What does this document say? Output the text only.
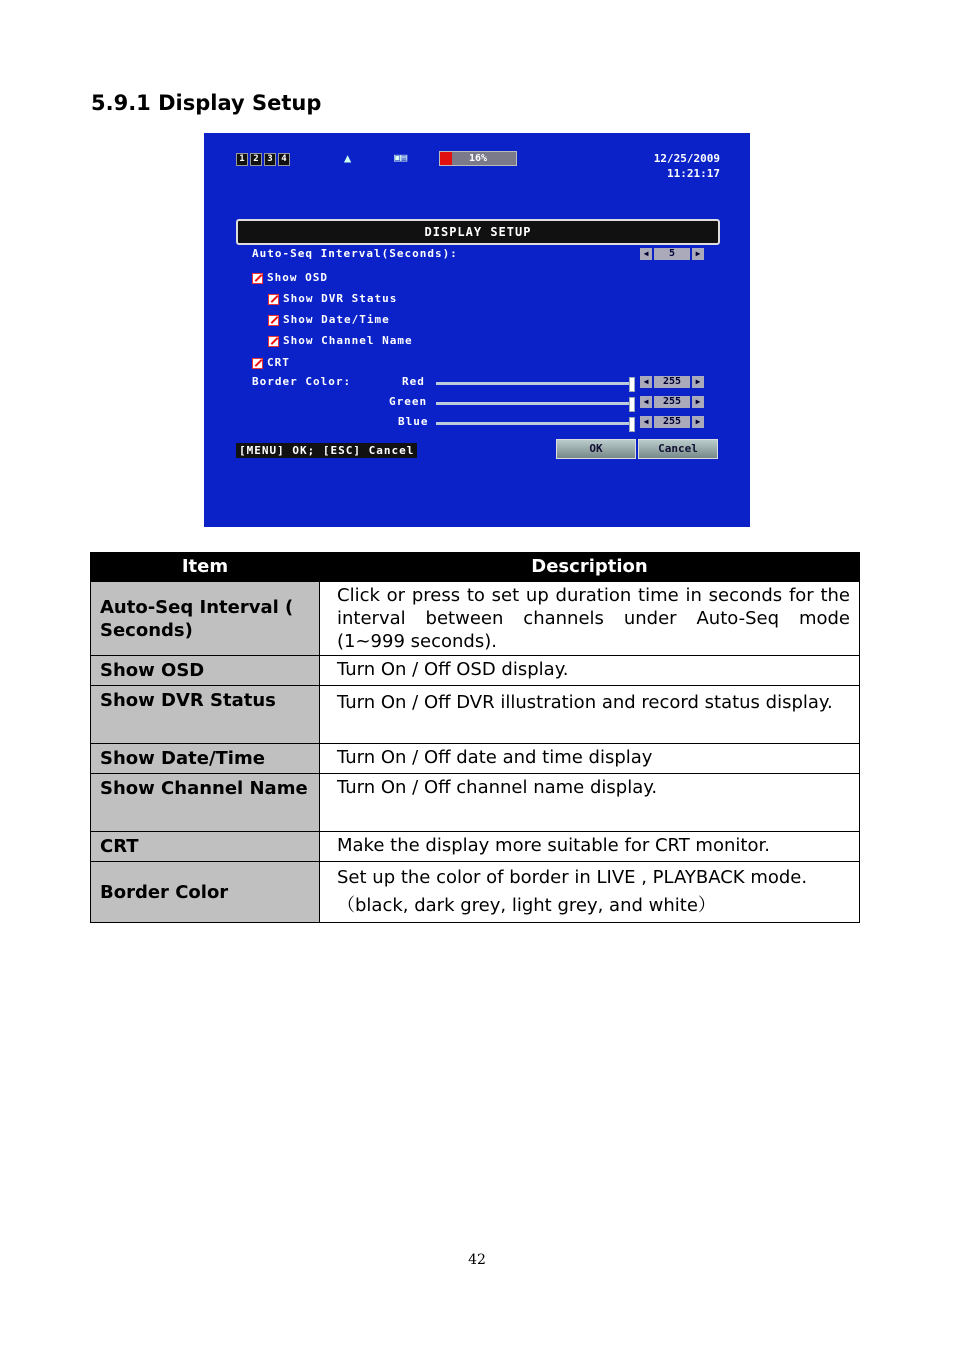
5.9.1 Display Setup
1 2 3 4	▲	▣▤	16%	12/25/2009
11:21:17
DISPLAY SETUP
Auto-Seq Interval(Seconds):	◀	5	▶
Show OSD
Show DVR Status
Show Date/Time
Show Channel Name
CRT
Border Color:	Red	◀	255	▶
Green	◀	255	▶
Blue	◀	255	▶
[MENU] OK; [ESC] Cancel	OK	Cancel
Item	Description
Auto-Seq Interval ( Seconds)	Click or press to set up duration time in seconds for the interval between channels under Auto-Seq mode (1~999 seconds).
Show OSD	Turn On / Off OSD display.
Show DVR Status	Turn On / Off DVR illustration and record status display.
Show Date/Time	Turn On / Off date and time display
Show Channel Name	Turn On / Off channel name display.
CRT	Make the display more suitable for CRT monitor.
Border Color	Set up the color of border in LIVE , PLAYBACK mode.（black, dark grey, light grey, and white）
42
